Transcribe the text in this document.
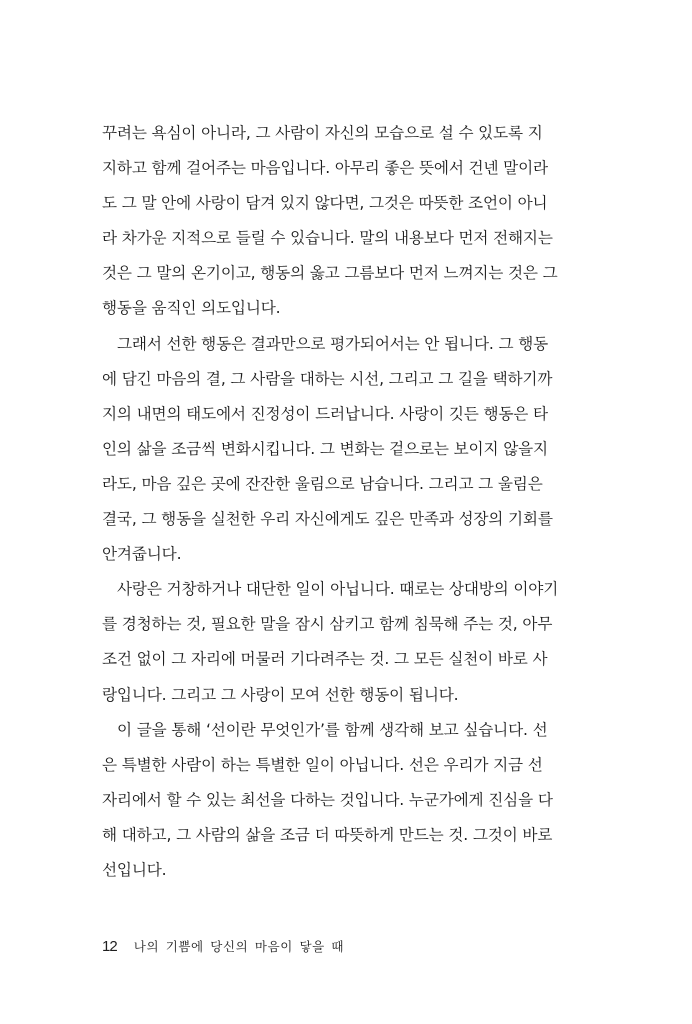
꾸려는 욕심이 아니라, 그 사람이 자신의 모습으로 설 수 있도록 지
지하고 함께 걸어주는 마음입니다. 아무리 좋은 뜻에서 건넨 말이라
도 그 말 안에 사랑이 담겨 있지 않다면, 그것은 따뜻한 조언이 아니
라 차가운 지적으로 들릴 수 있습니다. 말의 내용보다 먼저 전해지는
것은 그 말의 온기이고, 행동의 옳고 그름보다 먼저 느껴지는 것은 그
행동을 움직인 의도입니다.
그래서 선한 행동은 결과만으로 평가되어서는 안 됩니다. 그 행동
에 담긴 마음의 결, 그 사람을 대하는 시선, 그리고 그 길을 택하기까
지의 내면의 태도에서 진정성이 드러납니다. 사랑이 깃든 행동은 타
인의 삶을 조금씩 변화시킵니다. 그 변화는 겉으로는 보이지 않을지
라도, 마음 깊은 곳에 잔잔한 울림으로 남습니다. 그리고 그 울림은
결국, 그 행동을 실천한 우리 자신에게도 깊은 만족과 성장의 기회를
안겨줍니다.
사랑은 거창하거나 대단한 일이 아닙니다. 때로는 상대방의 이야기
를 경청하는 것, 필요한 말을 잠시 삼키고 함께 침묵해 주는 것, 아무
조건 없이 그 자리에 머물러 기다려주는 것. 그 모든 실천이 바로 사
랑입니다. 그리고 그 사랑이 모여 선한 행동이 됩니다.
이 글을 통해 ‘선이란 무엇인가’를 함께 생각해 보고 싶습니다. 선
은 특별한 사람이 하는 특별한 일이 아닙니다. 선은 우리가 지금 선
자리에서 할 수 있는 최선을 다하는 것입니다. 누군가에게 진심을 다
해 대하고, 그 사람의 삶을 조금 더 따뜻하게 만드는 것. 그것이 바로
선입니다.
12 나의 기쁨에 당신의 마음이 닿을 때
